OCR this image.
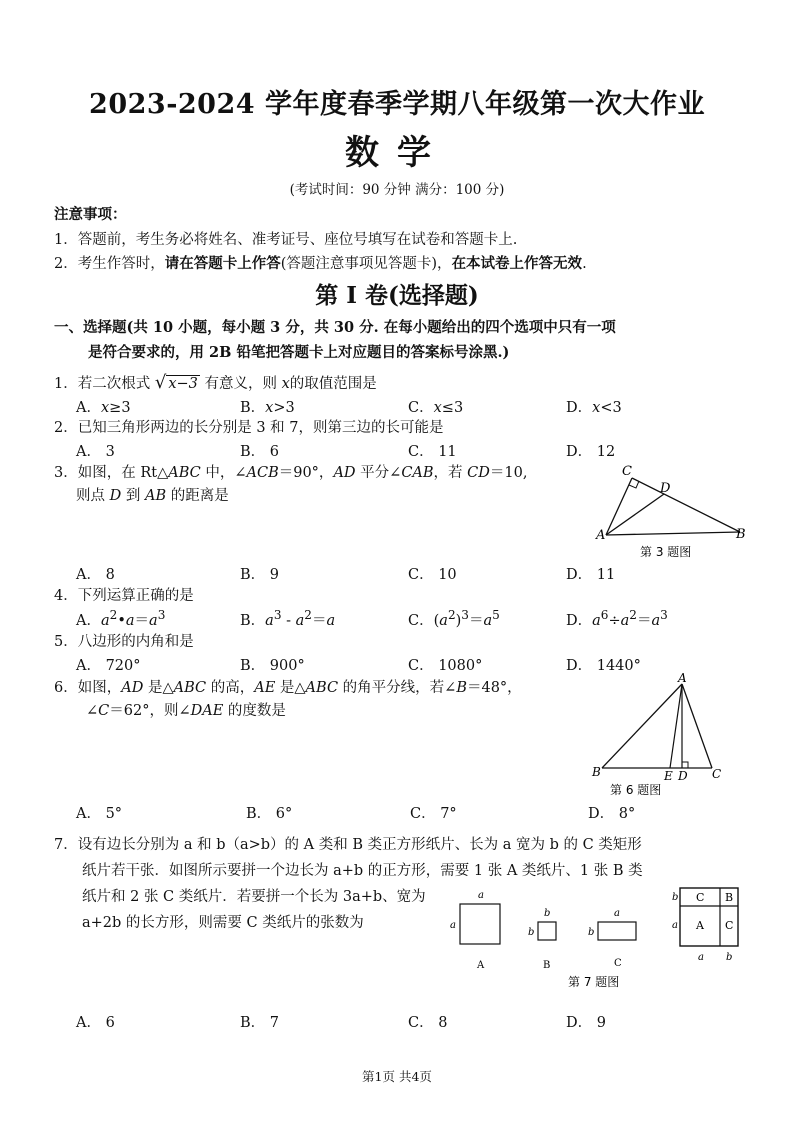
2023-2024 学年度春季学期八年级第一次大作业
数学
(考试时间：90 分钟 满分：100 分)
注意事项：
1．答题前，考生务必将姓名、准考证号、座位号填写在试卷和答题卡上.
2．考生作答时，请在答题卡上作答(答题注意事项见答题卡)，在本试卷上作答无效.
第 I 卷(选择题)
一、选择题(共 10 小题，每小题 3 分，共 30 分. 在每小题给出的四个选项中只有一项
是符合要求的，用 2B 铅笔把答题卡上对应题目的答案标号涂黑.)
1．若二次根式 √ x−3 有意义，则 x的取值范围是
A．x≥3	B．x>3	C．x≤3	D．x<3
2．已知三角形两边的长分别是 3 和 7，则第三边的长可能是
A． 3	B． 6	C． 11	D． 12
3．如图，在 Rt△ABC 中，∠ACB＝90°，AD 平分∠CAB，若 CD＝10,
则点 D 到 AB 的距离是
C
D
A	B
第 3 题图
A． 8	B． 9	C． 10	D． 11
4．下列运算正确的是
A．$a^2•a=a^3$	B．$a^3 - a^2=a$	C．$(a^2)^3=a^5$	D．$a^6\div a^2=a^3$
5．八边形的内角和是
A． 720°	B． 900°	C． 1080°	D． 1440°
6．如图，AD 是△ABC 的高，AE 是△ABC 的角平分线，若∠B＝48°，
∠C＝62°，则∠DAE 的度数是
A
B	E D C
第 6 题图
A． 5°	B． 6°	C． 7°	D． 8°
7．设有边长分别为 a 和 b（a>b）的 A 类和 B 类正方形纸片、长为 a 宽为 b 的 C 类矩形
纸片若干张．如图所示要拼一个边长为 a+b 的正方形，需要 1 张 A 类纸片、1 张 B 类
纸片和 2 张 C 类纸片．若要拼一个长为 3a+b、宽为
a+2b 的长方形，则需要 C 类纸片的张数为
a
a
A
b
b
B
a
b
C
b
a
C B
A C
a b
第 7 题图
A． 6	B． 7	C． 8	D． 9
第1页 共4页
